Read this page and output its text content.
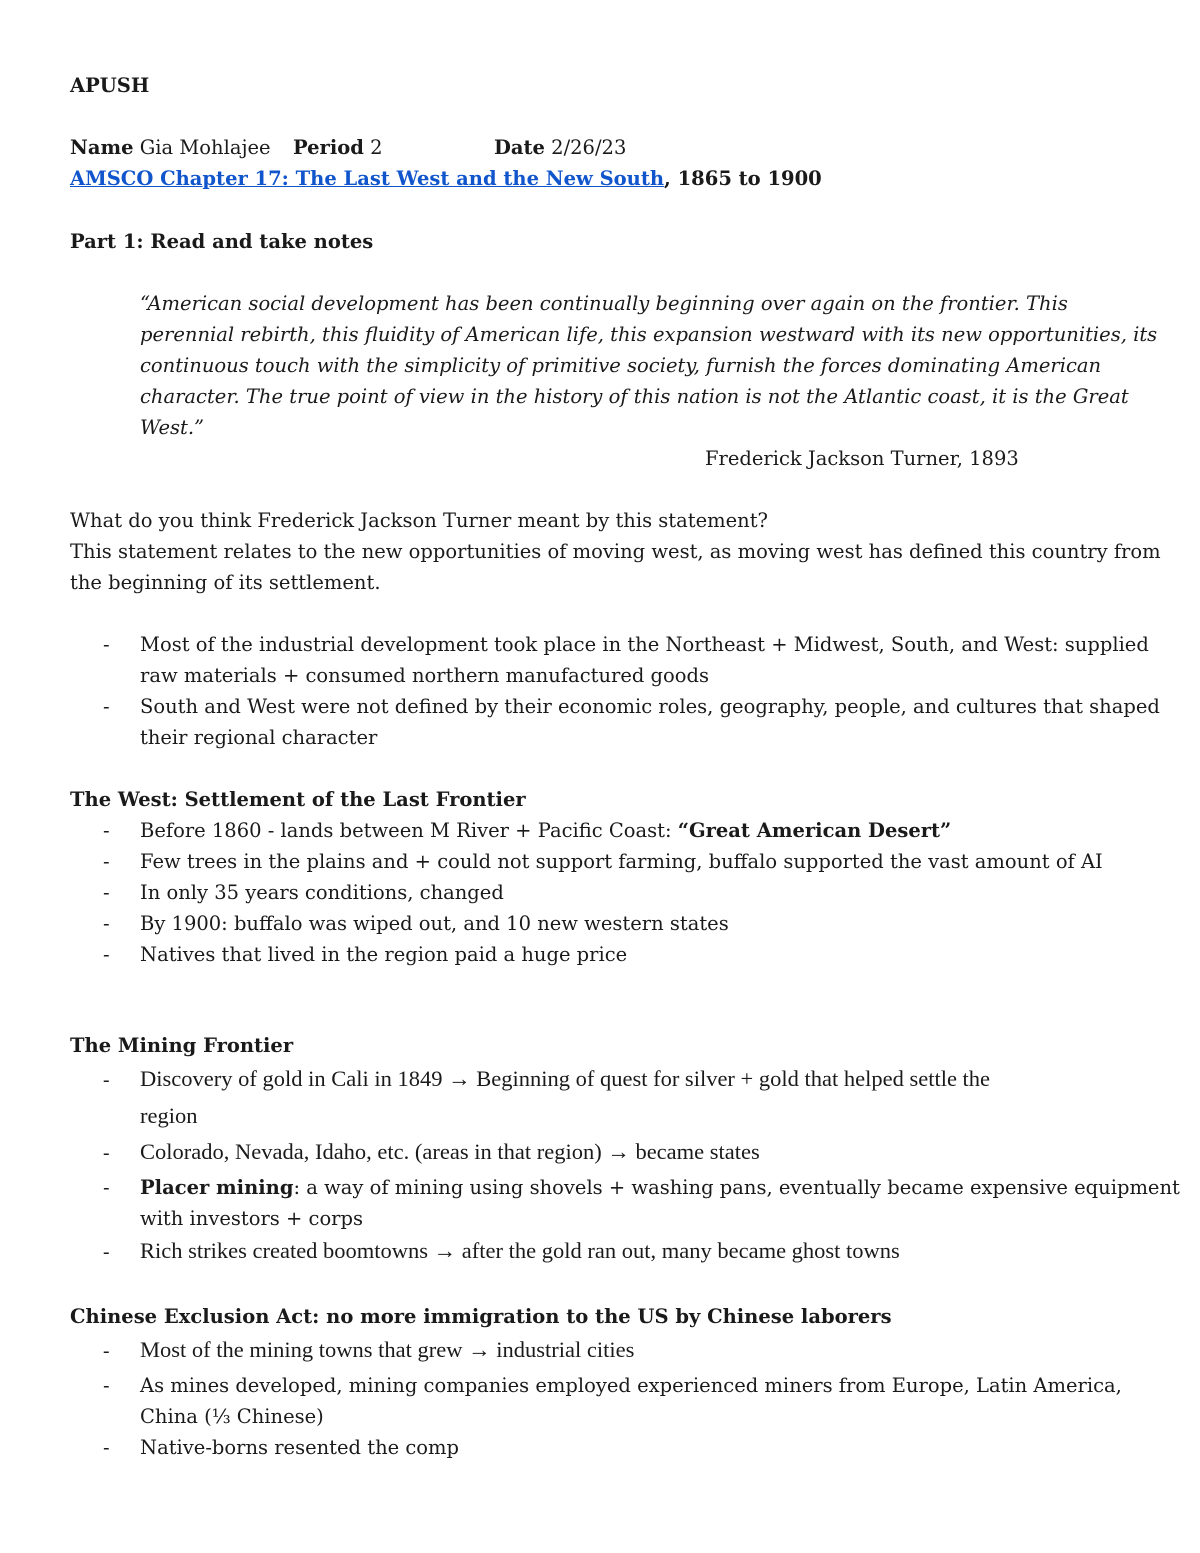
APUSH
Name Gia Mohlajee Period 2	Date 2/26/23
AMSCO Chapter 17: The Last West and the New South, 1865 to 1900
Part 1: Read and take notes
“American social development has been continually beginning over again on the frontier. This
perennial rebirth, this fluidity of American life, this expansion westward with its new opportunities, its
continuous touch with the simplicity of primitive society, furnish the forces dominating American
character. The true point of view in the history of this nation is not the Atlantic coast, it is the Great
West.”
Frederick Jackson Turner, 1893
What do you think Frederick Jackson Turner meant by this statement?
This statement relates to the new opportunities of moving west, as moving west has defined this country from
the beginning of its settlement.
- Most of the industrial development took place in the Northeast + Midwest, South, and West: supplied
raw materials + consumed northern manufactured goods
- South and West were not defined by their economic roles, geography, people, and cultures that shaped
their regional character
The West: Settlement of the Last Frontier
- Before 1860 - lands between M River + Pacific Coast: “Great American Desert”
- Few trees in the plains and + could not support farming, buffalo supported the vast amount of AI
- In only 35 years conditions, changed
- By 1900: buffalo was wiped out, and 10 new western states
- Natives that lived in the region paid a huge price
The Mining Frontier
- Discovery of gold in Cali in 1849 → Beginning of quest for silver + gold that helped settle the
region
- Colorado, Nevada, Idaho, etc. (areas in that region) → became states
- Placer mining: a way of mining using shovels + washing pans, eventually became expensive equipment
with investors + corps
- Rich strikes created boomtowns → after the gold ran out, many became ghost towns
Chinese Exclusion Act: no more immigration to the US by Chinese laborers
- Most of the mining towns that grew → industrial cities
- As mines developed, mining companies employed experienced miners from Europe, Latin America,
China (⅓ Chinese)
- Native-borns resented the comp
